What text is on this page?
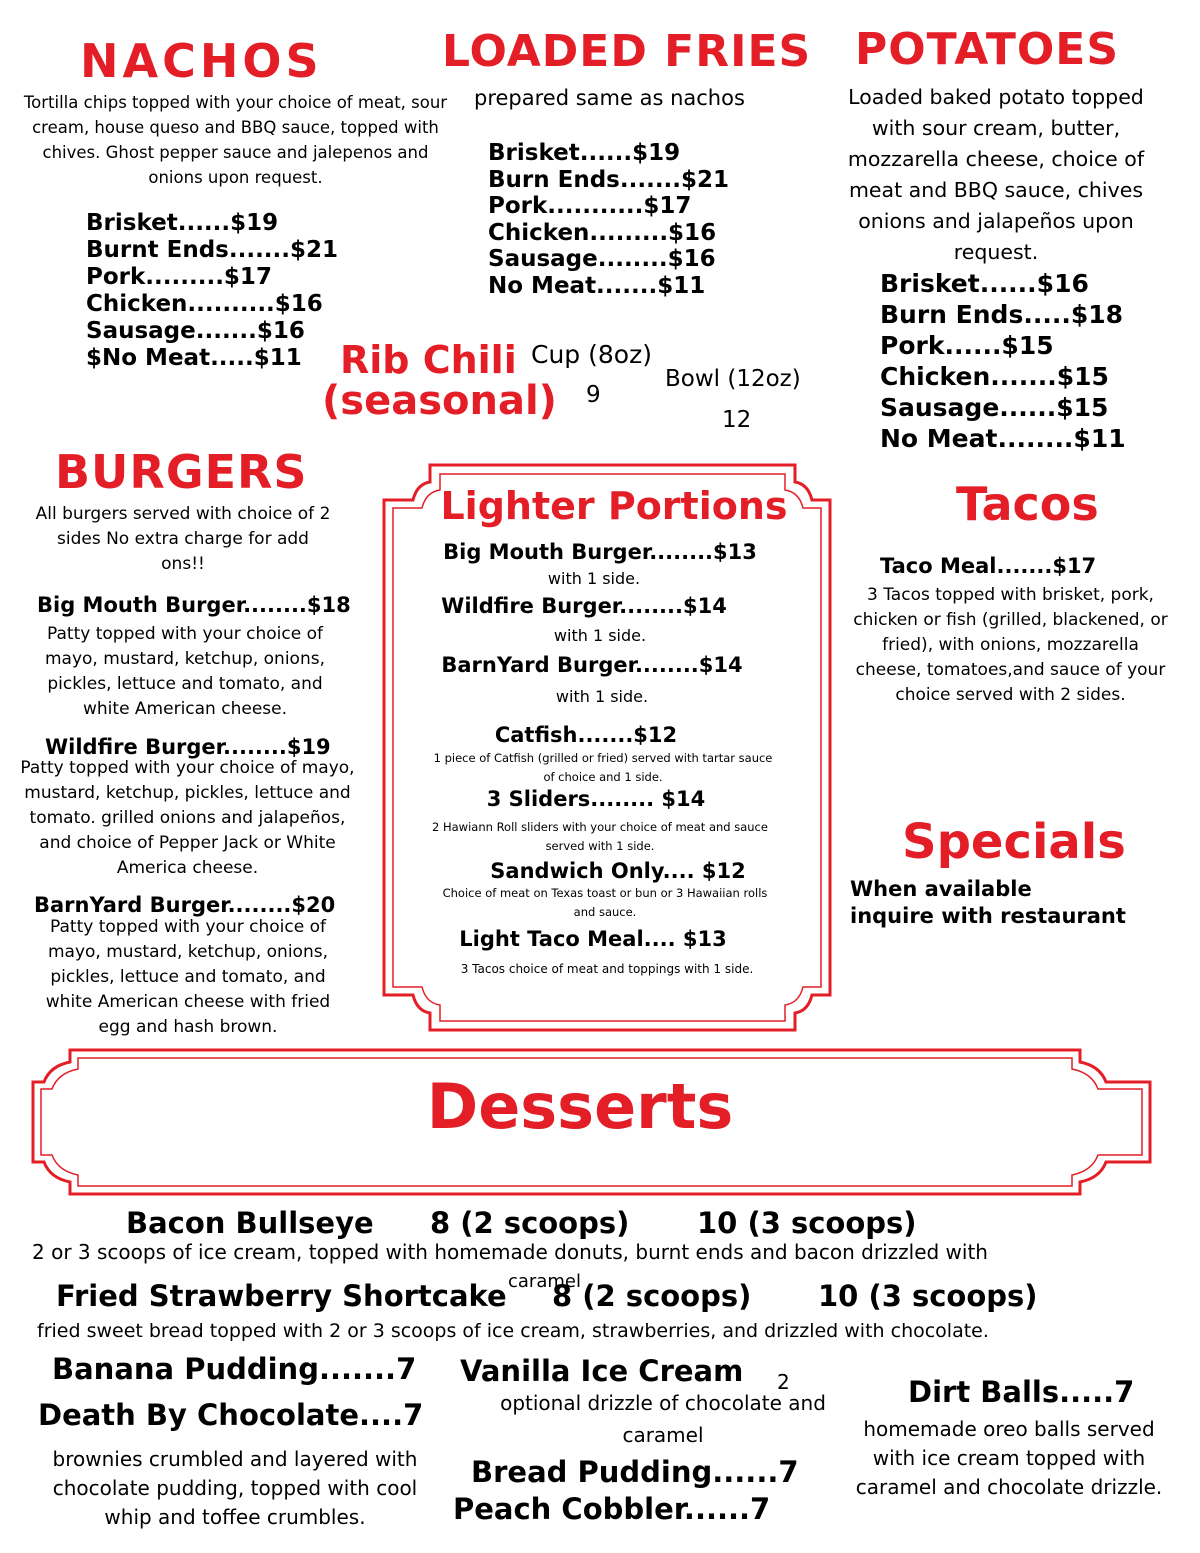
NACHOS
Tortilla chips topped with your choice of meat, sour cream, house queso and BBQ sauce, topped with chives. Ghost pepper sauce and jalepenos and onions upon request.
Brisket......$19
Burnt Ends.......$21
Pork.........$17
Chicken..........$16
Sausage.......$16
$No Meat.....$11
LOADED FRIES
prepared same as nachos
Brisket......$19
Burn Ends.......$21
Pork...........$17
Chicken.........$16
Sausage........$16
No Meat.......$11
POTATOES
Loaded baked potato topped with sour cream, butter, mozzarella cheese, choice of meat and BBQ sauce, chives onions and jalapeños upon request.
Brisket......$16
Burn Ends.....$18
Pork......$15
Chicken.......$15
Sausage......$15
No Meat........$11
Rib Chili
(seasonal)
Cup (8oz)
9
Bowl (12oz)
12
BURGERS
All burgers served with choice of 2 sides No extra charge for add ons!!
Big Mouth Burger........$18
Patty topped with your choice of mayo, mustard, ketchup, onions, pickles, lettuce and tomato, and white American cheese.
Wildfire Burger........$19
Patty topped with your choice of mayo, mustard, ketchup, pickles, lettuce and tomato. grilled onions and jalapeños, and choice of Pepper Jack or White America cheese.
BarnYard Burger........$20
Patty topped with your choice of mayo, mustard, ketchup, onions, pickles, lettuce and tomato, and white American cheese with fried egg and hash brown.
Lighter Portions
Big Mouth Burger........$13
with 1 side.
Wildfire Burger........$14
with 1 side.
BarnYard Burger........$14
with 1 side.
Catfish.......$12
1 piece of Catfish (grilled or fried) served with tartar sauce of choice and 1 side.
3 Sliders........ $14
2 Hawiann Roll sliders with your choice of meat and sauce served with 1 side.
Sandwich Only.... $12
Choice of meat on Texas toast or bun or 3 Hawaiian rolls and sauce.
Light Taco Meal.... $13
3 Tacos choice of meat and toppings with 1 side.
Tacos
Taco Meal.......$17
3 Tacos topped with brisket, pork, chicken or fish (grilled, blackened, or fried), with onions, mozzarella cheese, tomatoes,and sauce of your choice served with 2 sides.
Specials
When available
inquire with restaurant
Desserts
Bacon Bullseye 8 (2 scoops) 10 (3 scoops)
2 or 3 scoops of ice cream, topped with homemade donuts, burnt ends and bacon drizzled with
caramel
Fried Strawberry Shortcake 8 (2 scoops) 10 (3 scoops)
fried sweet bread topped with 2 or 3 scoops of ice cream, strawberries, and drizzled with chocolate.
Banana Pudding.......7
Death By Chocolate....7
brownies crumbled and layered with chocolate pudding, topped with cool whip and toffee crumbles.
Vanilla Ice Cream 2
optional drizzle of chocolate and caramel
Bread Pudding......7
Peach Cobbler......7
Dirt Balls.....7
homemade oreo balls served with ice cream topped with caramel and chocolate drizzle.
